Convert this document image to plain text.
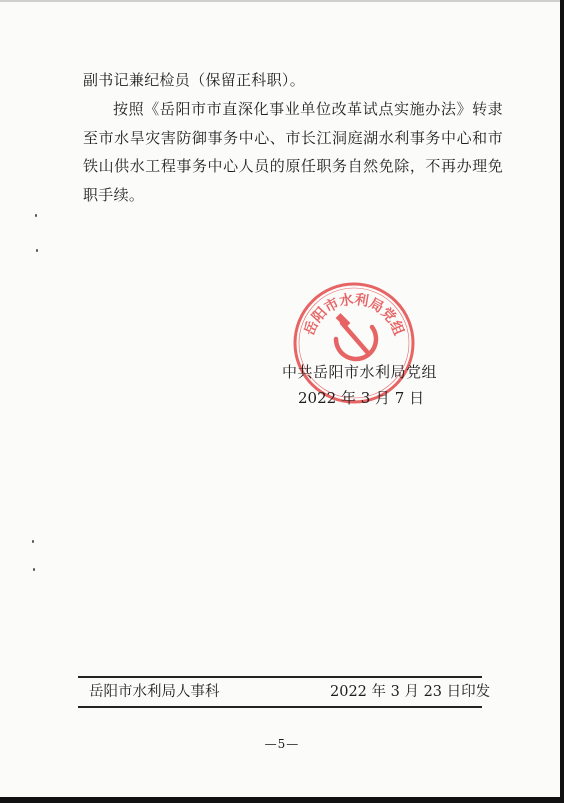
副书记兼纪检员（保留正科职）。

按照《岳阳市市直深化事业单位改革试点实施办法》转隶至市水旱灾害防御事务中心、市长江洞庭湖水利事务中心和市铁山供水工程事务中心人员的原任职务自然免除，不再办理免职手续。

岳阳市水利局党组
中共岳阳市水利局党组
2022 年 3 月 7 日
岳阳市水利局人事科	2022 年 3 月 23 日印发
—5—
